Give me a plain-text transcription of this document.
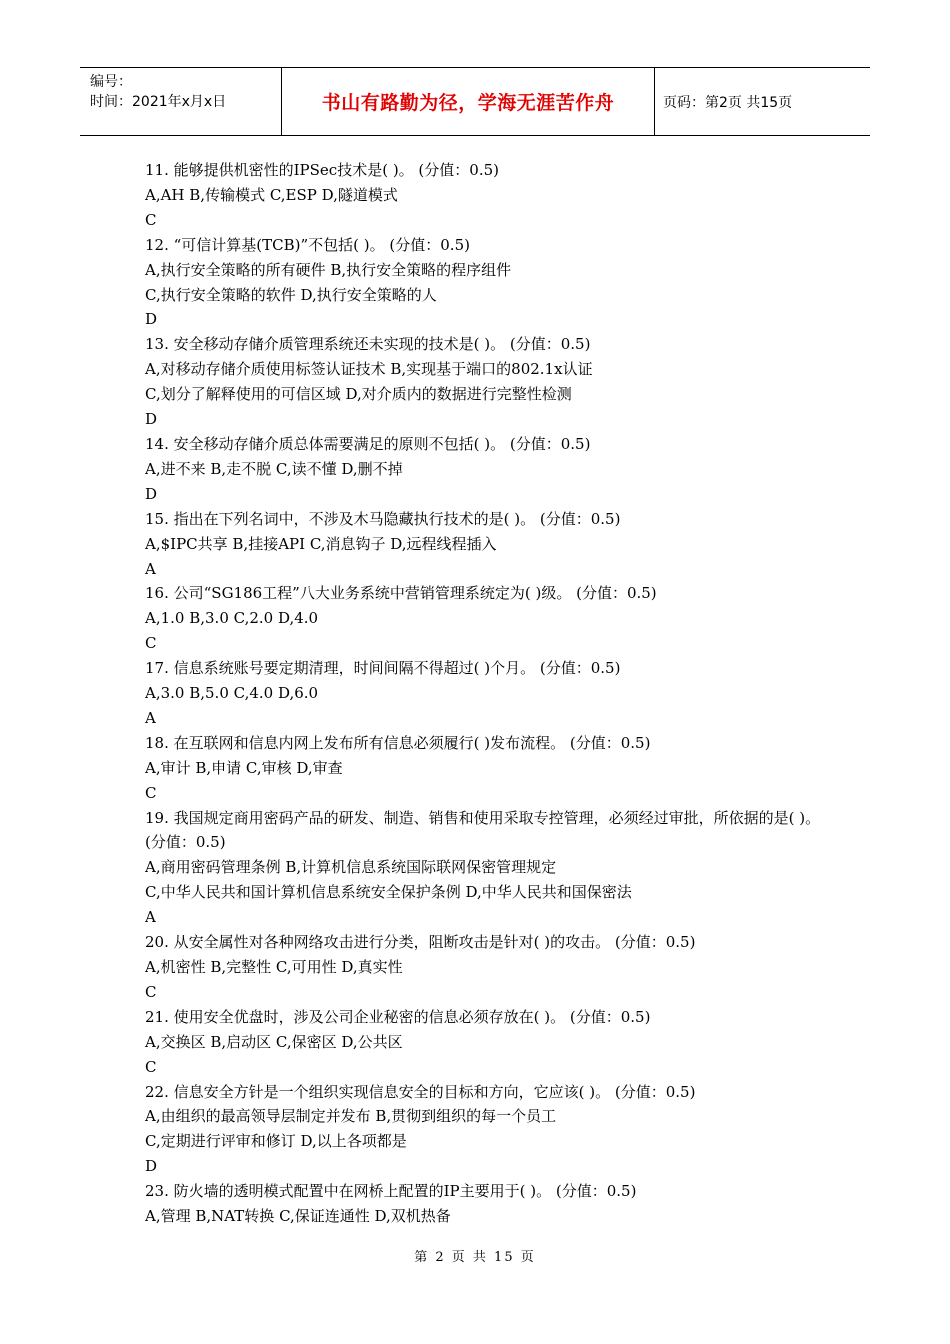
编号：
时间：2021年x月x日	书山有路勤为径，学海无涯苦作舟	页码：第2页 共15页
11. 能够提供机密性的IPSec技术是( )。 (分值：0.5)
A,AH B,传输模式 C,ESP D,隧道模式
C
12. “可信计算基(TCB)”不包括( )。 (分值：0.5)
A,执行安全策略的所有硬件 B,执行安全策略的程序组件
C,执行安全策略的软件 D,执行安全策略的人
D
13. 安全移动存储介质管理系统还未实现的技术是( )。 (分值：0.5)
A,对移动存储介质使用标签认证技术 B,实现基于端口的802.1x认证
C,划分了解释使用的可信区域 D,对介质内的数据进行完整性检测
D
14. 安全移动存储介质总体需要满足的原则不包括( )。 (分值：0.5)
A,进不来 B,走不脱 C,读不懂 D,删不掉
D
15. 指出在下列名词中，不涉及木马隐藏执行技术的是( )。 (分值：0.5)
A,$IPC共享 B,挂接API C,消息钩子 D,远程线程插入
A
16. 公司“SG186工程”八大业务系统中营销管理系统定为( )级。 (分值：0.5)
A,1.0 B,3.0 C,2.0 D,4.0
C
17. 信息系统账号要定期清理，时间间隔不得超过( )个月。 (分值：0.5)
A,3.0 B,5.0 C,4.0 D,6.0
A
18. 在互联网和信息内网上发布所有信息必须履行( )发布流程。 (分值：0.5)
A,审计 B,申请 C,审核 D,审查
C
19. 我国规定商用密码产品的研发、制造、销售和使用采取专控管理，必须经过审批，所依据的是( )。 (分值：0.5)
A,商用密码管理条例 B,计算机信息系统国际联网保密管理规定
C,中华人民共和国计算机信息系统安全保护条例 D,中华人民共和国保密法
A
20. 从安全属性对各种网络攻击进行分类，阻断攻击是针对( )的攻击。 (分值：0.5)
A,机密性 B,完整性 C,可用性 D,真实性
C
21. 使用安全优盘时，涉及公司企业秘密的信息必须存放在( )。 (分值：0.5)
A,交换区 B,启动区 C,保密区 D,公共区
C
22. 信息安全方针是一个组织实现信息安全的目标和方向，它应该( )。 (分值：0.5)
A,由组织的最高领导层制定并发布 B,贯彻到组织的每一个员工
C,定期进行评审和修订 D,以上各项都是
D
23. 防火墙的透明模式配置中在网桥上配置的IP主要用于( )。 (分值：0.5)
A,管理 B,NAT转换 C,保证连通性 D,双机热备
第 2 页 共 15 页
